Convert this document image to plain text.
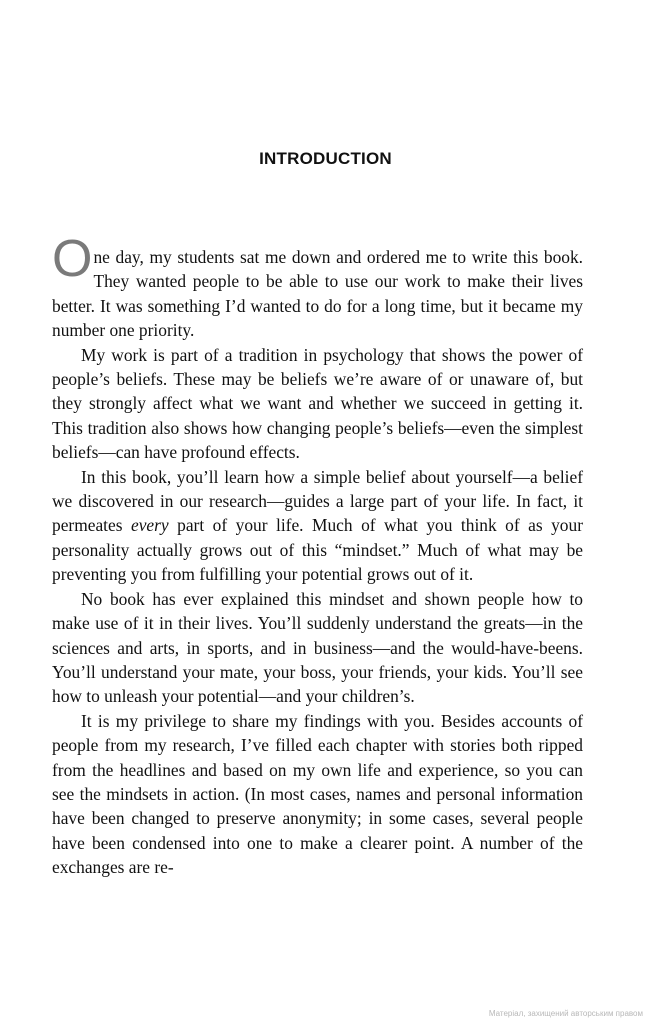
INTRODUCTION

One day, my students sat me down and ordered me to write this book. They wanted people to be able to use our work to make their lives better. It was something I’d wanted to do for a long time, but it became my number one priority.

My work is part of a tradition in psychology that shows the power of people’s beliefs. These may be beliefs we’re aware of or unaware of, but they strongly affect what we want and whether we succeed in getting it. This tradition also shows how changing people’s beliefs—even the simplest beliefs—can have profound effects.

In this book, you’ll learn how a simple belief about yourself—a belief we discovered in our research—guides a large part of your life. In fact, it permeates every part of your life. Much of what you think of as your personality actually grows out of this “mindset.” Much of what may be preventing you from fulfilling your potential grows out of it.

No book has ever explained this mindset and shown people how to make use of it in their lives. You’ll suddenly understand the greats—in the sciences and arts, in sports, and in business—and the would-have-beens. You’ll understand your mate, your boss, your friends, your kids. You’ll see how to unleash your potential—and your children’s.

It is my privilege to share my findings with you. Besides accounts of people from my research, I’ve filled each chapter with stories both ripped from the headlines and based on my own life and experience, so you can see the mindsets in action. (In most cases, names and personal information have been changed to preserve anonymity; in some cases, several people have been condensed into one to make a clearer point. A number of the exchanges are re-

Матеріал, захищений авторським правом
